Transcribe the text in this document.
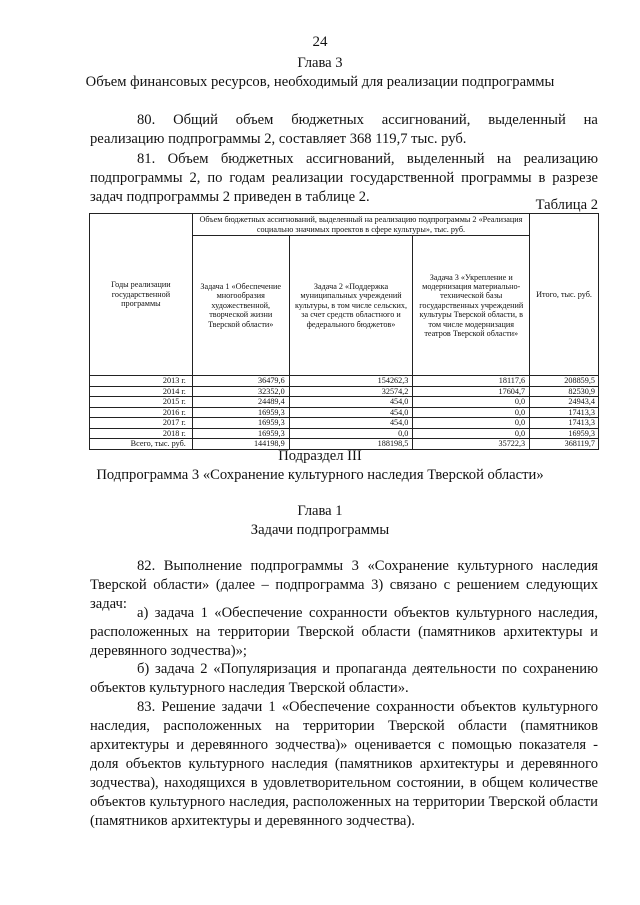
24
Глава 3
Объем финансовых ресурсов, необходимый для реализации подпрограммы
80. Общий объем бюджетных ассигнований, выделенный на
реализацию подпрограммы 2, составляет 368 119,7 тыс. руб.
81. Объем бюджетных ассигнований, выделенный на реализацию подпрограммы 2, по годам реализации государственной программы в разрезе задач подпрограммы 2 приведен в таблице 2.	Таблица 2
Годы реализации государственной программы	Объем бюджетных ассигнований, выделенный на реализацию подпрограммы 2 «Реализация социально значимых проектов в сфере культуры», тыс. руб.			Итого, тыс. руб.
	Задача 1 «Обеспечение многообразия художественной, творческой жизни Тверской области»	Задача 2 «Поддержка муниципальных учреждений культуры, в том числе сельских, за счет средств областного и федерального бюджетов»	Задача 3 «Укрепление и модернизация материально-технической базы государственных учреждений культуры Тверской области, в том числе модернизация театров Тверской области»	
2013 г.	36479,6	154262,3	18117,6	208859,5
2014 г.	32352,0	32574,2	17604,7	82530,9
2015 г.	24489,4	454,0	0,0	24943,4
2016 г.	16959,3	454,0	0,0	17413,3
2017 г.	16959,3	454,0	0,0	17413,3
2018 г.	16959,3	0,0	0,0	16959,3
Всего, тыс. руб.	144198,9	188198,5	35722,3	368119,7
Подраздел III
Подпрограмма 3 «Сохранение культурного наследия Тверской области»
Глава 1
Задачи подпрограммы
82. Выполнение подпрограммы 3 «Сохранение культурного наследия Тверской области» (далее – подпрограмма 3) связано с решением следующих задач:
а) задача 1 «Обеспечение сохранности объектов культурного наследия, расположенных на территории Тверской области (памятников архитектуры и деревянного зодчества)»;
б) задача 2 «Популяризация и пропаганда деятельности по сохранению объектов культурного наследия Тверской области».
83. Решение задачи 1 «Обеспечение сохранности объектов культурного наследия, расположенных на территории Тверской области (памятников архитектуры и деревянного зодчества)» оценивается с помощью показателя - доля объектов культурного наследия (памятников архитектуры и деревянного зодчества), находящихся в удовлетворительном состоянии, в общем количестве объектов культурного наследия, расположенных на территории Тверской области (памятников архитектуры и деревянного зодчества).
